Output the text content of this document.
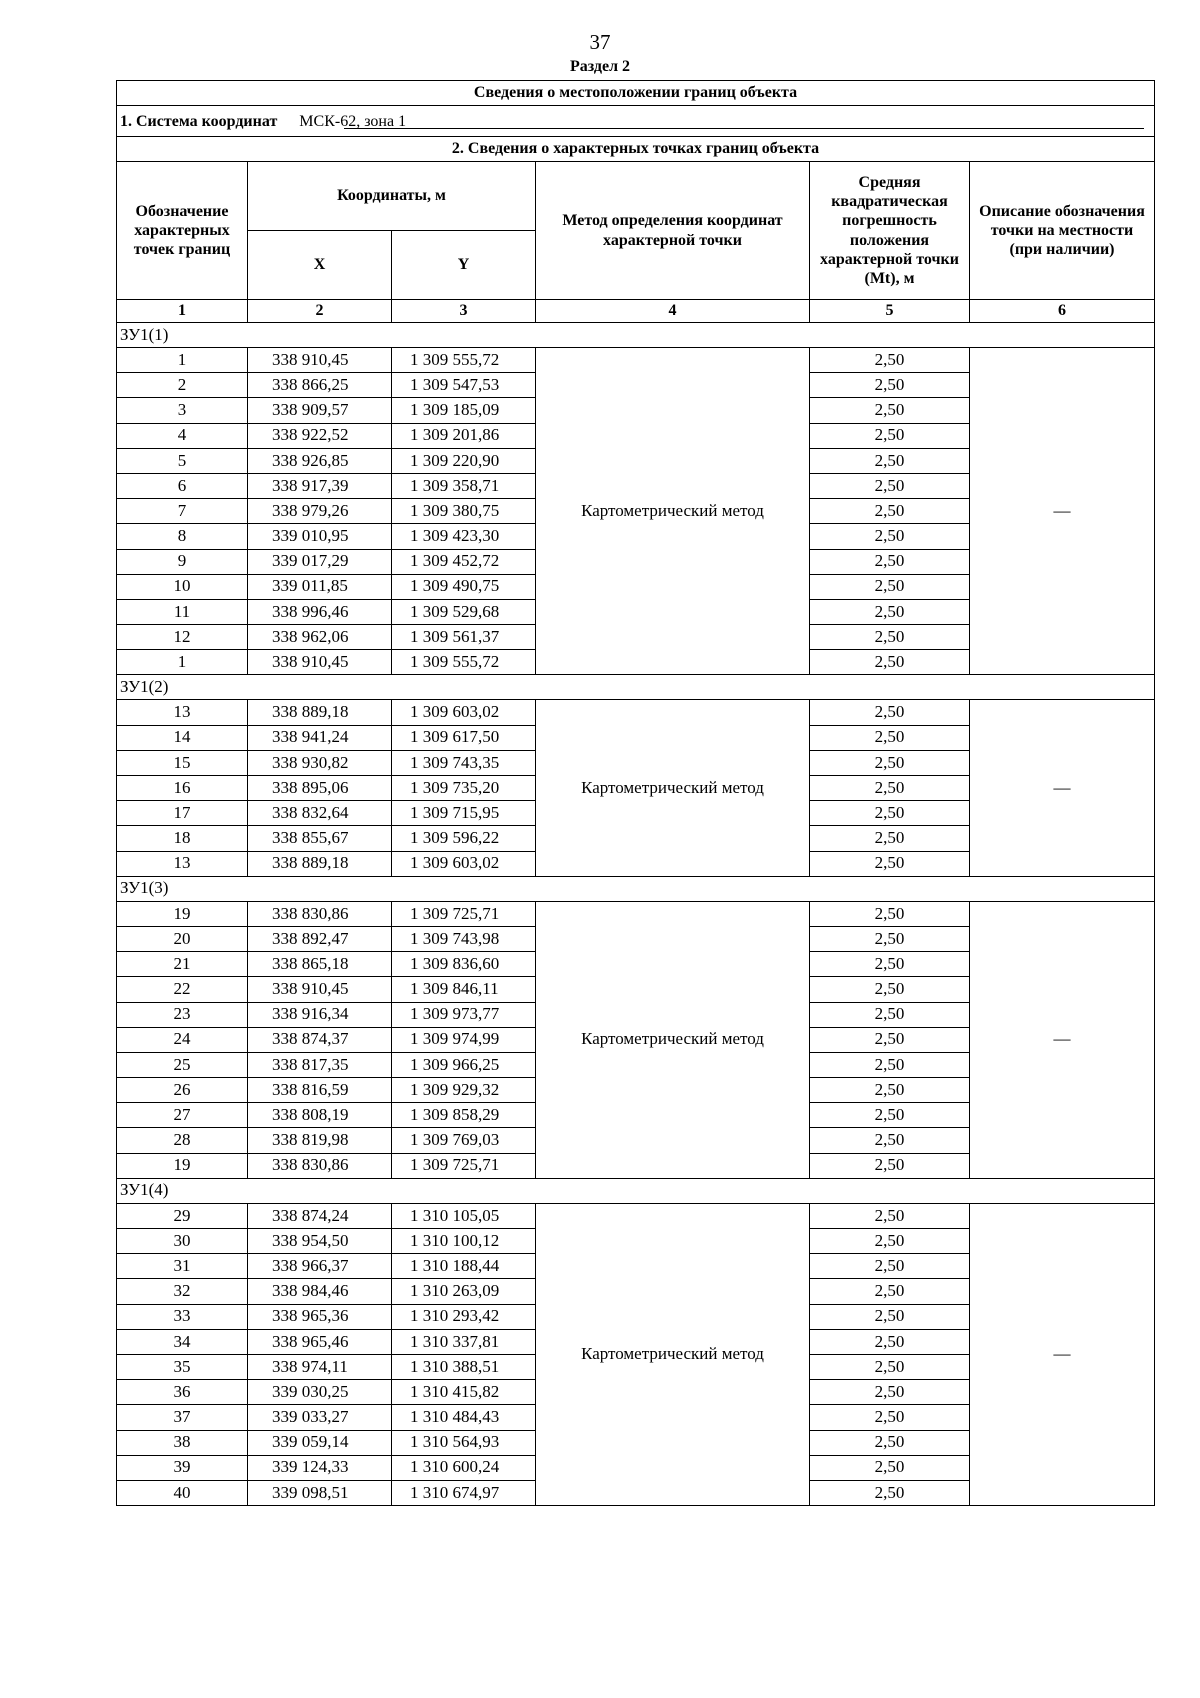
37
Раздел 2
Сведения о местоположении границ объекта					
1. Система координат МСК-62, зона 1					

2. Сведения о характерных точках границ объекта					
Обозначение характерных точек границ	Координаты, м		Метод определения координат характерной точки	Средняя квадратическая погрешность положения характерной точки (Mt), м	Описание обозначения точки на местности (при наличии)
	X	Y			
1	2	3	4	5	6
ЗУ1(1)					
1	338 910,45	1 309 555,72	Картометрический метод	2,50	—
2	338 866,25	1 309 547,53		2,50	
3	338 909,57	1 309 185,09		2,50	
4	338 922,52	1 309 201,86		2,50	
5	338 926,85	1 309 220,90		2,50	
6	338 917,39	1 309 358,71		2,50	
7	338 979,26	1 309 380,75		2,50	
8	339 010,95	1 309 423,30		2,50	
9	339 017,29	1 309 452,72		2,50	
10	339 011,85	1 309 490,75		2,50	
11	338 996,46	1 309 529,68		2,50	
12	338 962,06	1 309 561,37		2,50	
1	338 910,45	1 309 555,72		2,50	
ЗУ1(2)					
13	338 889,18	1 309 603,02	Картометрический метод	2,50	—
14	338 941,24	1 309 617,50		2,50	
15	338 930,82	1 309 743,35		2,50	
16	338 895,06	1 309 735,20		2,50	
17	338 832,64	1 309 715,95		2,50	
18	338 855,67	1 309 596,22		2,50	
13	338 889,18	1 309 603,02		2,50	
ЗУ1(3)					
19	338 830,86	1 309 725,71	Картометрический метод	2,50	—
20	338 892,47	1 309 743,98		2,50	
21	338 865,18	1 309 836,60		2,50	
22	338 910,45	1 309 846,11		2,50	
23	338 916,34	1 309 973,77		2,50	
24	338 874,37	1 309 974,99		2,50	
25	338 817,35	1 309 966,25		2,50	
26	338 816,59	1 309 929,32		2,50	
27	338 808,19	1 309 858,29		2,50	
28	338 819,98	1 309 769,03		2,50	
19	338 830,86	1 309 725,71		2,50	
ЗУ1(4)					
29	338 874,24	1 310 105,05	Картометрический метод	2,50	—
30	338 954,50	1 310 100,12		2,50	
31	338 966,37	1 310 188,44		2,50	
32	338 984,46	1 310 263,09		2,50	
33	338 965,36	1 310 293,42		2,50	
34	338 965,46	1 310 337,81		2,50	
35	338 974,11	1 310 388,51		2,50	
36	339 030,25	1 310 415,82		2,50	
37	339 033,27	1 310 484,43		2,50	
38	339 059,14	1 310 564,93		2,50	
39	339 124,33	1 310 600,24		2,50	
40	339 098,51	1 310 674,97		2,50	
